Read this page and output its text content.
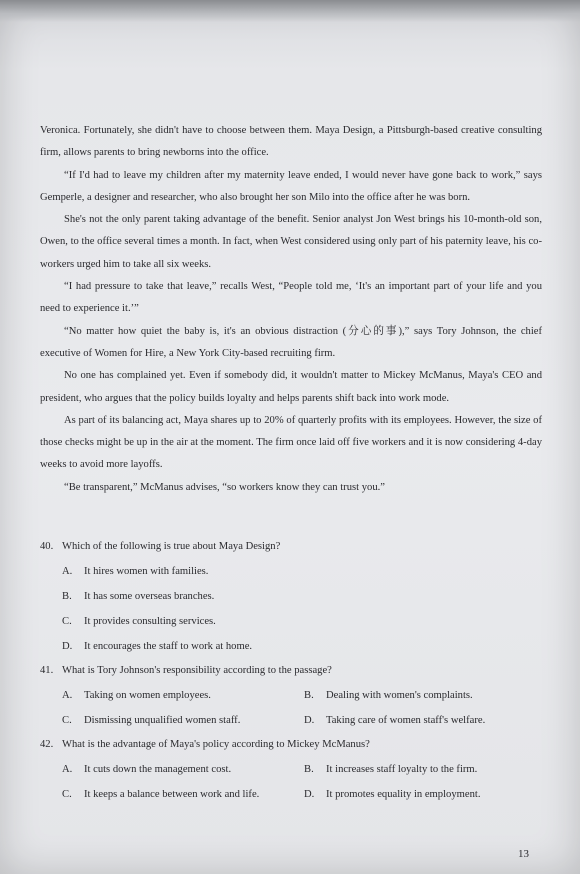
Veronica. Fortunately, she didn't have to choose between them. Maya Design, a Pittsburgh-based creative consulting firm, allows parents to bring newborns into the office.

“If I'd had to leave my children after my maternity leave ended, I would never have gone back to work,” says Gemperle, a designer and researcher, who also brought her son Milo into the office after he was born.

She's not the only parent taking advantage of the benefit. Senior analyst Jon West brings his 10-month-old son, Owen, to the office several times a month. In fact, when West considered using only part of his paternity leave, his co-workers urged him to take all six weeks.

“I had pressure to take that leave,” recalls West, “People told me, ‘It's an important part of your life and you need to experience it.’”

“No matter how quiet the baby is, it's an obvious distraction (分心的事),” says Tory Johnson, the chief executive of Women for Hire, a New York City-based recruiting firm.

No one has complained yet. Even if somebody did, it wouldn't matter to Mickey McManus, Maya's CEO and president, who argues that the policy builds loyalty and helps parents shift back into work mode.

As part of its balancing act, Maya shares up to 20% of quarterly profits with its employees. However, the size of those checks might be up in the air at the moment. The firm once laid off five workers and it is now considering 4-day weeks to avoid more layoffs.

“Be transparent,” McManus advises, “so workers know they can trust you.”

40. Which of the following is true about Maya Design?
A. It hires women with families.
B. It has some overseas branches.
C. It provides consulting services.
D. It encourages the staff to work at home.
41. What is Tory Johnson's responsibility according to the passage?
A. Taking on women employees.	B. Dealing with women's complaints.
C. Dismissing unqualified women staff.	D. Taking care of women staff's welfare.
42. What is the advantage of Maya's policy according to Mickey McManus?
A. It cuts down the management cost.	B. It increases staff loyalty to the firm.
C. It keeps a balance between work and life.	D. It promotes equality in employment.
13
